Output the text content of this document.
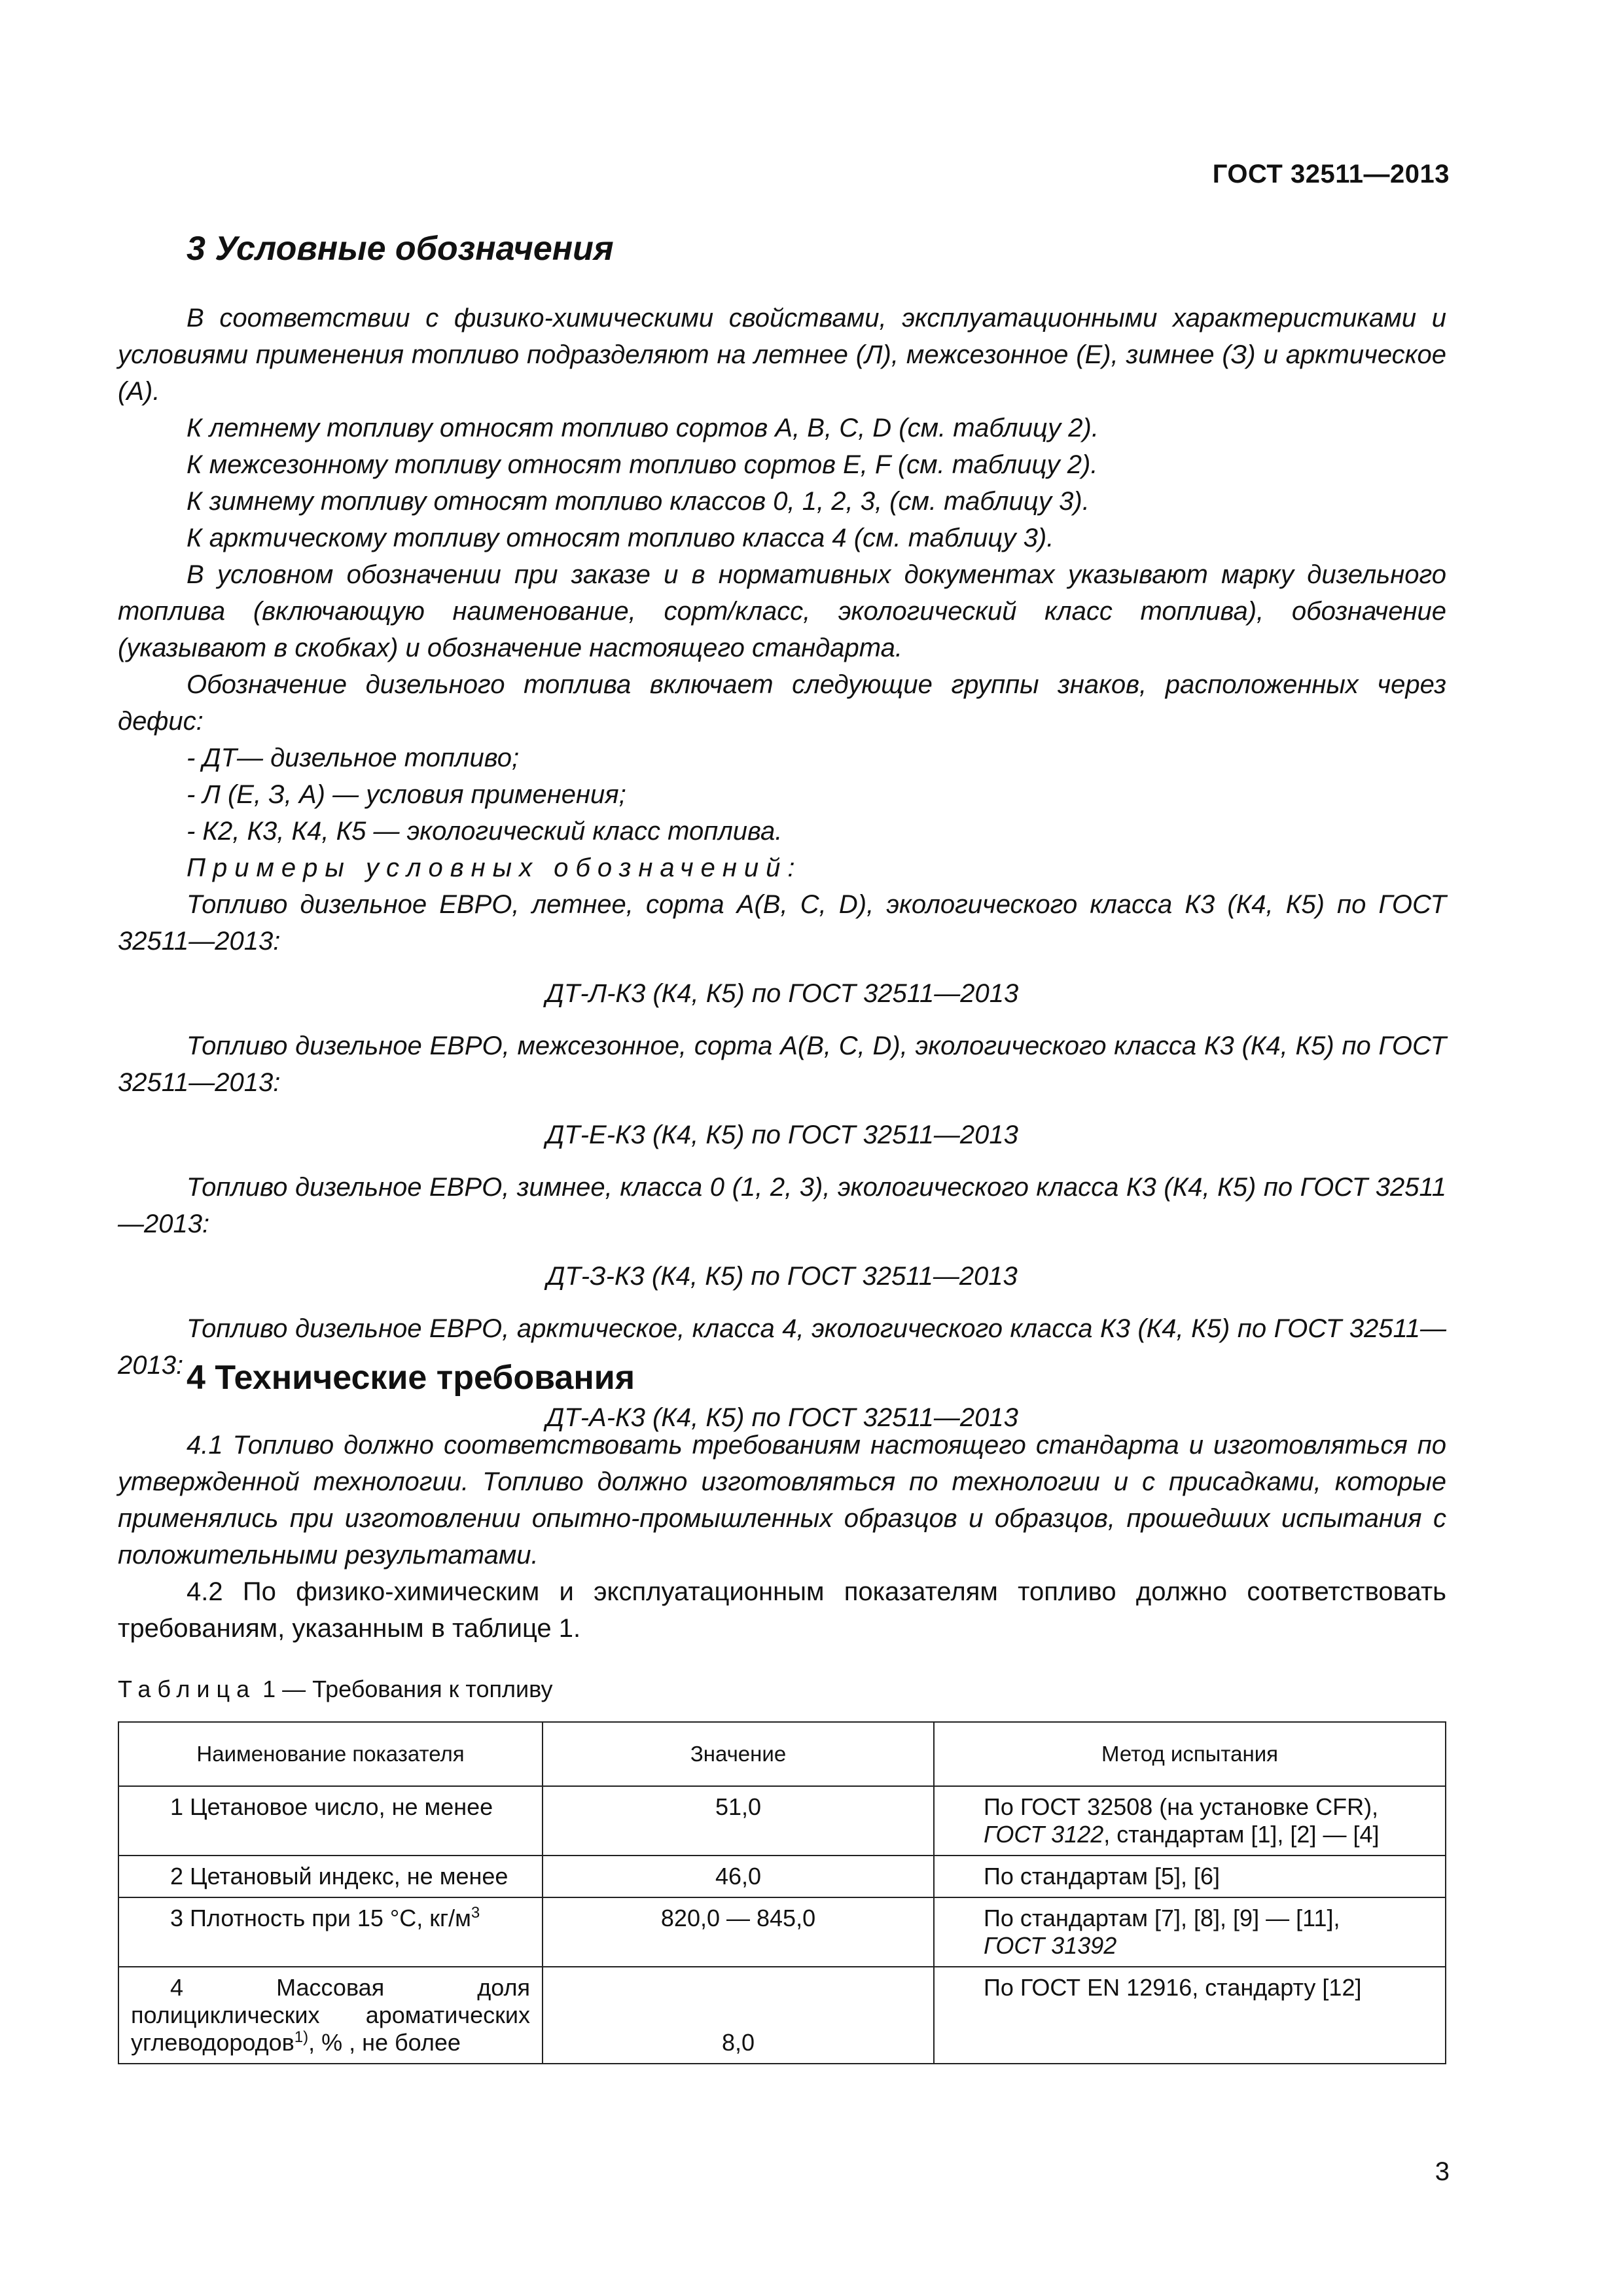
ГОСТ 32511—2013
3 Условные обозначения

В соответствии с физико-химическими свойствами, эксплуатационными характеристиками и условиями применения топливо подразделяют на летнее (Л), межсезонное (Е), зимнее (З) и арктическое (А).

К летнему топливу относят топливо сортов A, B, C, D (см. таблицу 2).

К межсезонному топливу относят топливо сортов E, F (см. таблицу 2).

К зимнему топливу относят топливо классов 0, 1, 2, 3, (см. таблицу 3).

К арктическому топливу относят топливо класса 4 (см. таблицу 3).

В условном обозначении при заказе и в нормативных документах указывают марку дизельного топлива (включающую наименование, сорт/класс, экологический класс топлива), обозначение (указывают в скобках) и обозначение настоящего стандарта.

Обозначение дизельного топлива включает следующие группы знаков, расположенных через дефис:

- ДТ— дизельное топливо;

- Л (Е, З, А) — условия применения;

- К2, К3, К4, К5 — экологический класс топлива.

Примеры условных обозначений:

Топливо дизельное ЕВРО, летнее, сорта А(В, С, D), экологического класса К3 (К4, К5) по ГОСТ 32511—2013:

ДТ-Л-К3 (К4, К5) по ГОСТ 32511—2013

Топливо дизельное ЕВРО, межсезонное, сорта А(В, С, D), экологического класса К3 (К4, К5) по ГОСТ 32511—2013:

ДТ-Е-К3 (К4, К5) по ГОСТ 32511—2013

Топливо дизельное ЕВРО, зимнее, класса 0 (1, 2, 3), экологического класса К3 (К4, К5) по ГОСТ 32511—2013:

ДТ-З-К3 (К4, К5) по ГОСТ 32511—2013

Топливо дизельное ЕВРО, арктическое, класса 4, экологического класса К3 (К4, К5) по ГОСТ 32511—2013:

ДТ-А-К3 (К4, К5) по ГОСТ 32511—2013

4 Технические требования

4.1 Топливо должно соответствовать требованиям настоящего стандарта и изготовляться по утвержденной технологии. Топливо должно изготовляться по технологии и с присадками, которые применялись при изготовлении опытно-промышленных образцов и образцов, прошедших испытания с положительными результатами.

4.2 По физико-химическим и эксплуатационным показателям топливо должно соответствовать требованиям, указанным в таблице 1.

Таблица 1 — Требования к топливу
Наименование показателя	Значение	Метод испытания
1 Цетановое число, не менее	51,0	По ГОСТ 32508 (на установке CFR),
ГОСТ 3122, стандартам [1], [2] — [4]
2 Цетановый индекс, не менее	46,0	По стандартам [5], [6]
3 Плотность при 15 °С, $кг/м^3$	820,0 — 845,0	По стандартам [7], [8], [9] — [11],
ГОСТ 31392
4 Массовая доля полициклических ароматических углеводородов$^{1)}$, % , не более	8,0	По ГОСТ EN 12916, стандарту [12]
3
